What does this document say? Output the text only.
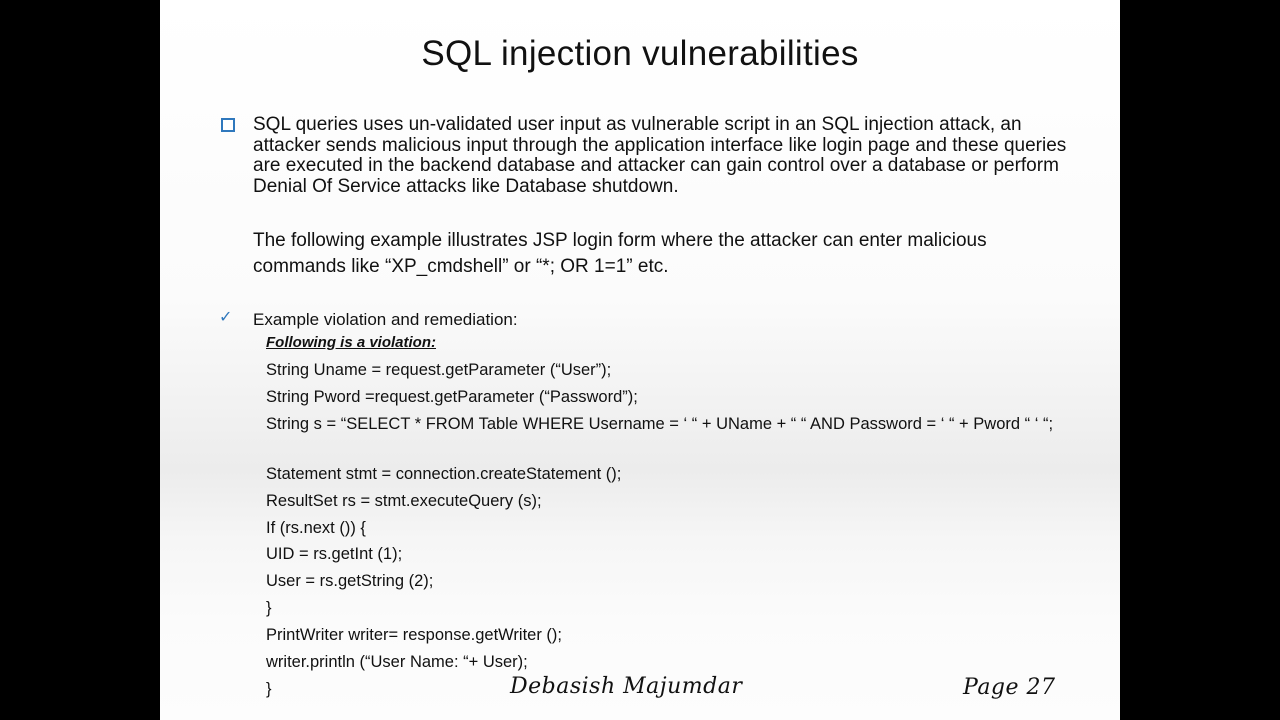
SQL injection vulnerabilities

SQL queries uses un-validated user input as vulnerable script in an SQL injection attack, an attacker sends malicious input through the application interface like login page and these queries are executed in the backend database and attacker can gain control over a database or perform Denial Of Service attacks like Database shutdown.

The following example illustrates JSP login form where the attacker can enter malicious commands like “XP_cmdshell” or “*; OR 1=1” etc.

✓ Example violation and remediation:
Following is a violation:
String Uname = request.getParameter (“User”);
String Pword =request.getParameter (“Password”);
String s = “SELECT * FROM Table WHERE Username = ‘ “ + UName + “ “ AND Password = ‘ “ + Pword “ ‘ “;
Statement stmt = connection.createStatement ();
ResultSet rs = stmt.executeQuery (s);
If (rs.next ()) {
UID = rs.getInt (1);
User = rs.getString (2);
}
PrintWriter writer= response.getWriter ();
writer.println (“User Name: “+ User);
}	Debasish Majumdar	Page 27
